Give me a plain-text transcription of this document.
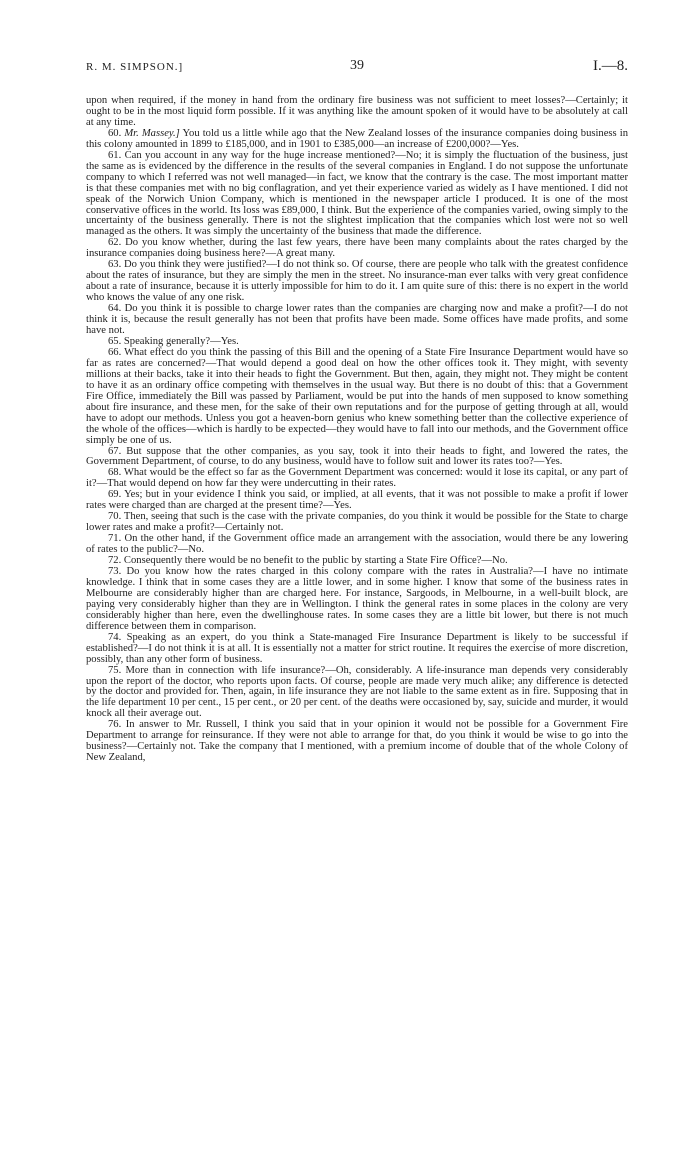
R. M. SIMPSON.]	39	I.—8.

upon when required, if the money in hand from the ordinary fire business was not sufficient to meet losses?—Certainly; it ought to be in the most liquid form possible. If it was anything like the amount spoken of it would have to be absolutely at call at any time.

60. Mr. Massey.] You told us a little while ago that the New Zealand losses of the insurance companies doing business in this colony amounted in 1899 to £185,000, and in 1901 to £385,000—an increase of £200,000?—Yes.

61. Can you account in any way for the huge increase mentioned?—No; it is simply the fluctuation of the business, just the same as is evidenced by the difference in the results of the several companies in England. I do not suppose the unfortunate company to which I referred was not well managed—in fact, we know that the contrary is the case. The most important matter is that these companies met with no big conflagration, and yet their experience varied as widely as I have mentioned. I did not speak of the Norwich Union Company, which is mentioned in the newspaper article I produced. It is one of the most conservative offices in the world. Its loss was £89,000, I think. But the experience of the companies varied, owing simply to the uncertainty of the business generally. There is not the slightest implication that the companies which lost were not so well managed as the others. It was simply the uncertainty of the business that made the difference.

62. Do you know whether, during the last few years, there have been many complaints about the rates charged by the insurance companies doing business here?—A great many.

63. Do you think they were justified?—I do not think so. Of course, there are people who talk with the greatest confidence about the rates of insurance, but they are simply the men in the street. No insurance-man ever talks with very great confidence about a rate of insurance, because it is utterly impossible for him to do it. I am quite sure of this: there is no expert in the world who knows the value of any one risk.

64. Do you think it is possible to charge lower rates than the companies are charging now and make a profit?—I do not think it is, because the result generally has not been that profits have been made. Some offices have made profits, and some have not.

65. Speaking generally?—Yes.

66. What effect do you think the passing of this Bill and the opening of a State Fire Insurance Department would have so far as rates are concerned?—That would depend a good deal on how the other offices took it. They might, with seventy millions at their backs, take it into their heads to fight the Government. But then, again, they might not. They might be content to have it as an ordinary office competing with themselves in the usual way. But there is no doubt of this: that a Government Fire Office, immediately the Bill was passed by Parliament, would be put into the hands of men supposed to know something about fire insurance, and these men, for the sake of their own reputations and for the purpose of getting through at all, would have to adopt our methods. Unless you got a heaven-born genius who knew something better than the collective experience of the whole of the offices—which is hardly to be expected—they would have to fall into our methods, and the Government office simply be one of us.

67. But suppose that the other companies, as you say, took it into their heads to fight, and lowered the rates, the Government Department, of course, to do any business, would have to follow suit and lower its rates too?—Yes.

68. What would be the effect so far as the Government Department was concerned: would it lose its capital, or any part of it?—That would depend on how far they were undercutting in their rates.

69. Yes; but in your evidence I think you said, or implied, at all events, that it was not possible to make a profit if lower rates were charged than are charged at the present time?—Yes.

70. Then, seeing that such is the case with the private companies, do you think it would be possible for the State to charge lower rates and make a profit?—Certainly not.

71. On the other hand, if the Government office made an arrangement with the association, would there be any lowering of rates to the public?—No.

72. Consequently there would be no benefit to the public by starting a State Fire Office?—No.

73. Do you know how the rates charged in this colony compare with the rates in Australia?—I have no intimate knowledge. I think that in some cases they are a little lower, and in some higher. I know that some of the business rates in Melbourne are considerably higher than are charged here. For instance, Sargoods, in Melbourne, in a well-built block, are paying very considerably higher than they are in Wellington. I think the general rates in some places in the colony are very considerably higher than here, even the dwellinghouse rates. In some cases they are a little bit lower, but there is not much difference between them in comparison.

74. Speaking as an expert, do you think a State-managed Fire Insurance Department is likely to be successful if established?—I do not think it is at all. It is essentially not a matter for strict routine. It requires the exercise of more discretion, possibly, than any other form of business.

75. More than in connection with life insurance?—Oh, considerably. A life-insurance man depends very considerably upon the report of the doctor, who reports upon facts. Of course, people are made very much alike; any difference is detected by the doctor and provided for. Then, again, in life insurance they are not liable to the same extent as in fire. Supposing that in the life department 10 per cent., 15 per cent., or 20 per cent. of the deaths were occasioned by, say, suicide and murder, it would knock all their average out.

76. In answer to Mr. Russell, I think you said that in your opinion it would not be possible for a Government Fire Department to arrange for reinsurance. If they were not able to arrange for that, do you think it would be wise to go into the business?—Certainly not. Take the company that I mentioned, with a premium income of double that of the whole Colony of New Zealand,
